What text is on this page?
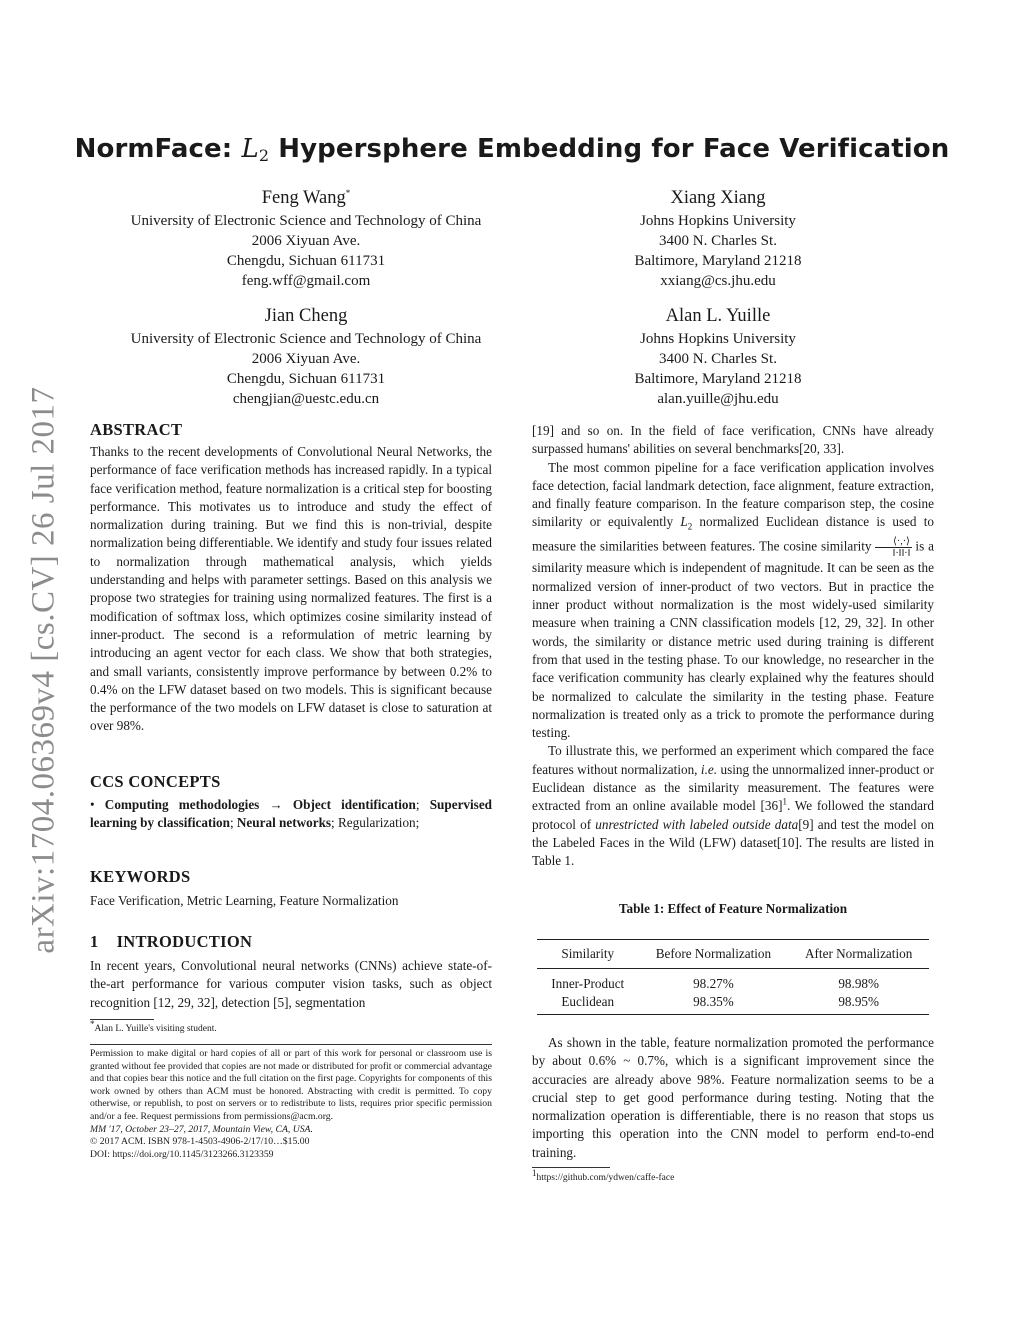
arXiv:1704.06369v4 [cs.CV] 26 Jul 2017
NormFace: $L_2$ Hypersphere Embedding for Face Verification
Feng Wang*
University of Electronic Science and Technology of China
2006 Xiyuan Ave.
Chengdu, Sichuan 611731
feng.wff@gmail.com
Xiang Xiang
Johns Hopkins University
3400 N. Charles St.
Baltimore, Maryland 21218
xxiang@cs.jhu.edu
Jian Cheng
University of Electronic Science and Technology of China
2006 Xiyuan Ave.
Chengdu, Sichuan 611731
chengjian@uestc.edu.cn
Alan L. Yuille
Johns Hopkins University
3400 N. Charles St.
Baltimore, Maryland 21218
alan.yuille@jhu.edu
ABSTRACT

Thanks to the recent developments of Convolutional Neural Networks, the performance of face verification methods has increased rapidly. In a typical face verification method, feature normalization is a critical step for boosting performance. This motivates us to introduce and study the effect of normalization during training. But we find this is non-trivial, despite normalization being differentiable. We identify and study four issues related to normalization through mathematical analysis, which yields understanding and helps with parameter settings. Based on this analysis we propose two strategies for training using normalized features. The first is a modification of softmax loss, which optimizes cosine similarity instead of inner-product. The second is a reformulation of metric learning by introducing an agent vector for each class. We show that both strategies, and small variants, consistently improve performance by between 0.2% to 0.4% on the LFW dataset based on two models. This is significant because the performance of the two models on LFW dataset is close to saturation at over 98%.

CCS CONCEPTS

• Computing methodologies → Object identification; Supervised learning by classification; Neural networks; Regularization;

KEYWORDS
Face Verification, Metric Learning, Feature Normalization
1 INTRODUCTION

In recent years, Convolutional neural networks (CNNs) achieve state-of-the-art performance for various computer vision tasks, such as object recognition [12, 29, 32], detection [5], segmentation

*Alan L. Yuille's visiting student.

Permission to make digital or hard copies of all or part of this work for personal or classroom use is granted without fee provided that copies are not made or distributed for profit or commercial advantage and that copies bear this notice and the full citation on the first page. Copyrights for components of this work owned by others than ACM must be honored. Abstracting with credit is permitted. To copy otherwise, or republish, to post on servers or to redistribute to lists, requires prior specific permission and/or a fee. Request permissions from permissions@acm.org.

MM '17, October 23–27, 2017, Mountain View, CA, USA.

© 2017 ACM. ISBN 978-1-4503-4906-2/17/10…$15.00

DOI: https://doi.org/10.1145/3123266.3123359

[19] and so on. In the field of face verification, CNNs have already surpassed humans' abilities on several benchmarks[20, 33].

The most common pipeline for a face verification application involves face detection, facial landmark detection, face alignment, feature extraction, and finally feature comparison. In the feature comparison step, the cosine similarity or equivalently $L_2$ normalized Euclidean distance is used to measure the similarities between features. The cosine similarity $\frac{⟨\cdot,\cdot⟩}{‖\cdot‖‖\cdot‖}$ is a similarity measure which is independent of magnitude. It can be seen as the normalized version of inner-product of two vectors. But in practice the inner product without normalization is the most widely-used similarity measure when training a CNN classification models [12, 29, 32]. In other words, the similarity or distance metric used during training is different from that used in the testing phase. To our knowledge, no researcher in the face verification community has clearly explained why the features should be normalized to calculate the similarity in the testing phase. Feature normalization is treated only as a trick to promote the performance during testing.

To illustrate this, we performed an experiment which compared the face features without normalization, i.e. using the unnormalized inner-product or Euclidean distance as the similarity measurement. The features were extracted from an online available model $[36]^1$. We followed the standard protocol of unrestricted with labeled outside data[9] and test the model on the Labeled Faces in the Wild (LFW) dataset[10]. The results are listed in Table 1.

Table 1: Effect of Feature Normalization
Similarity	Before Normalization	After Normalization
Inner-Product	98.27%	98.98%
Euclidean	98.35%	98.95%

As shown in the table, feature normalization promoted the performance by about 0.6% ~ 0.7%, which is a significant improvement since the accuracies are already above 98%. Feature normalization seems to be a crucial step to get good performance during testing. Noting that the normalization operation is differentiable, there is no reason that stops us importing this operation into the CNN model to perform end-to-end training.

$^1$https://github.com/ydwen/caffe-face
